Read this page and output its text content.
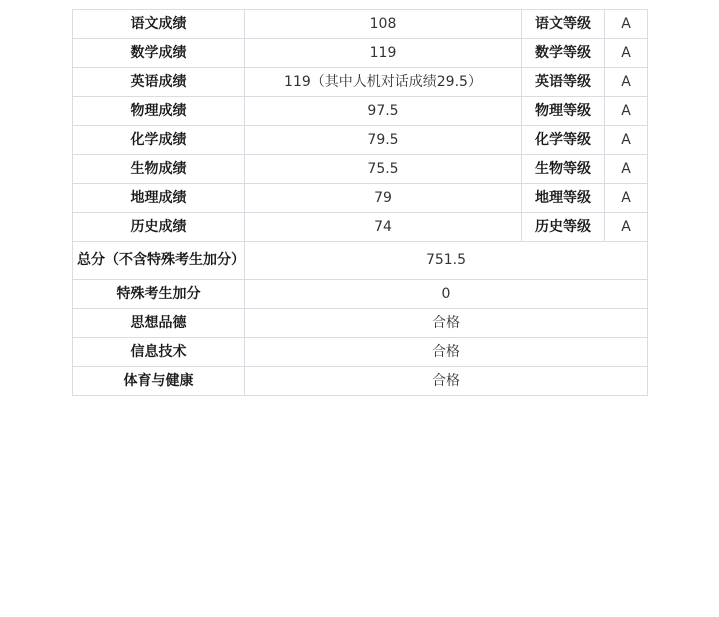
语文成绩	108	语文等级	A
数学成绩	119	数学等级	A
英语成绩	119（其中人机对话成绩29.5）	英语等级	A
物理成绩	97.5	物理等级	A
化学成绩	79.5	化学等级	A
生物成绩	75.5	生物等级	A
地理成绩	79	地理等级	A
历史成绩	74	历史等级	A
总分（不含特殊考生加分）	751.5		
特殊考生加分	0		
思想品德	合格		
信息技术	合格		
体育与健康	合格		
